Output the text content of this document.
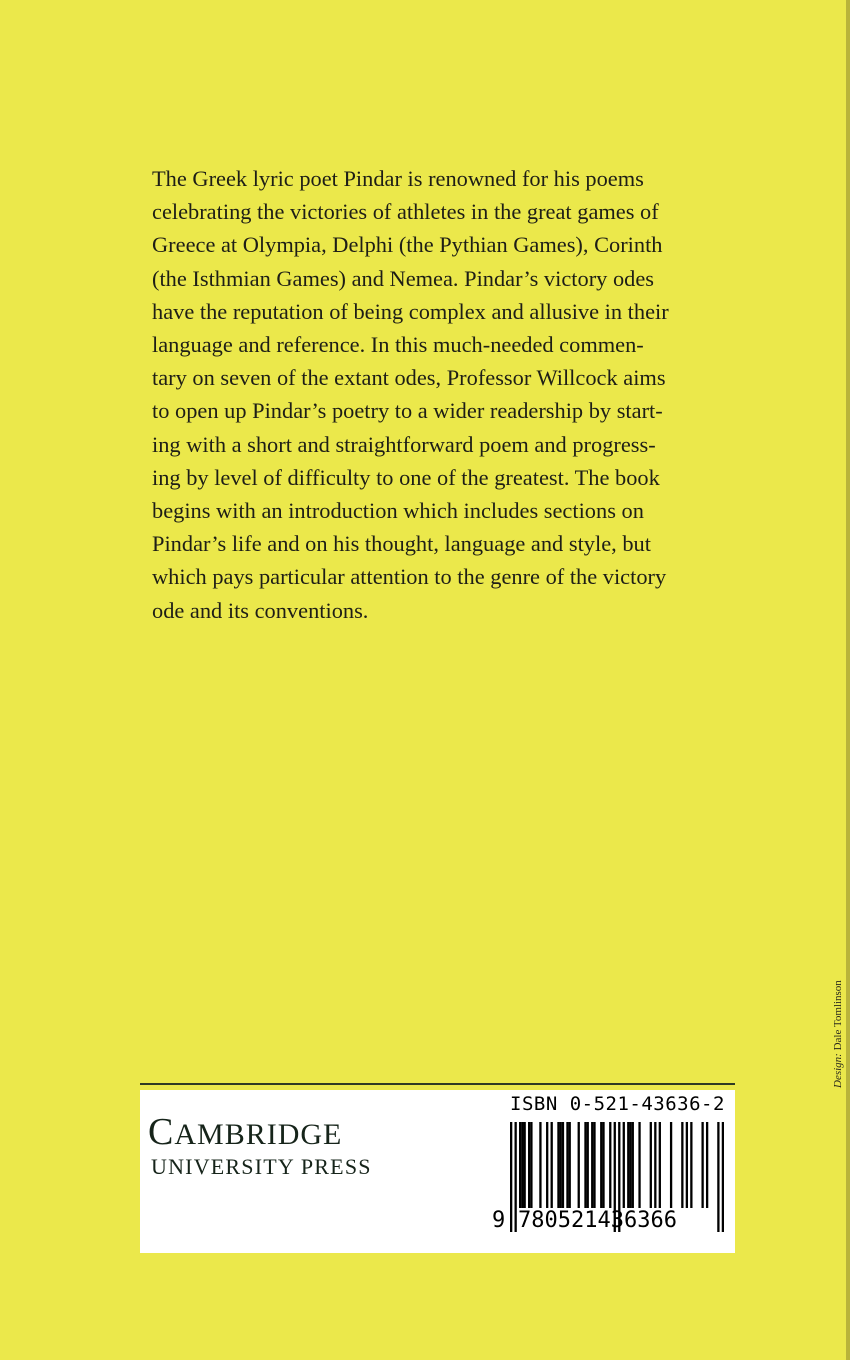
The Greek lyric poet Pindar is renowned for his poems
celebrating the victories of athletes in the great games of
Greece at Olympia, Delphi (the Pythian Games), Corinth
(the Isthmian Games) and Nemea. Pindar’s victory odes
have the reputation of being complex and allusive in their
language and reference. In this much-needed commen-
tary on seven of the extant odes, Professor Willcock aims
to open up Pindar’s poetry to a wider readership by start-
ing with a short and straightforward poem and progress-
ing by level of difficulty to one of the greatest. The book
begins with an introduction which includes sections on
Pindar’s life and on his thought, language and style, but
which pays particular attention to the genre of the victory
ode and its conventions.
Design: Dale Tomlinson
CAMBRIDGE
UNIVERSITY PRESS
ISBN 0-521-43636-2
9 780521436366
